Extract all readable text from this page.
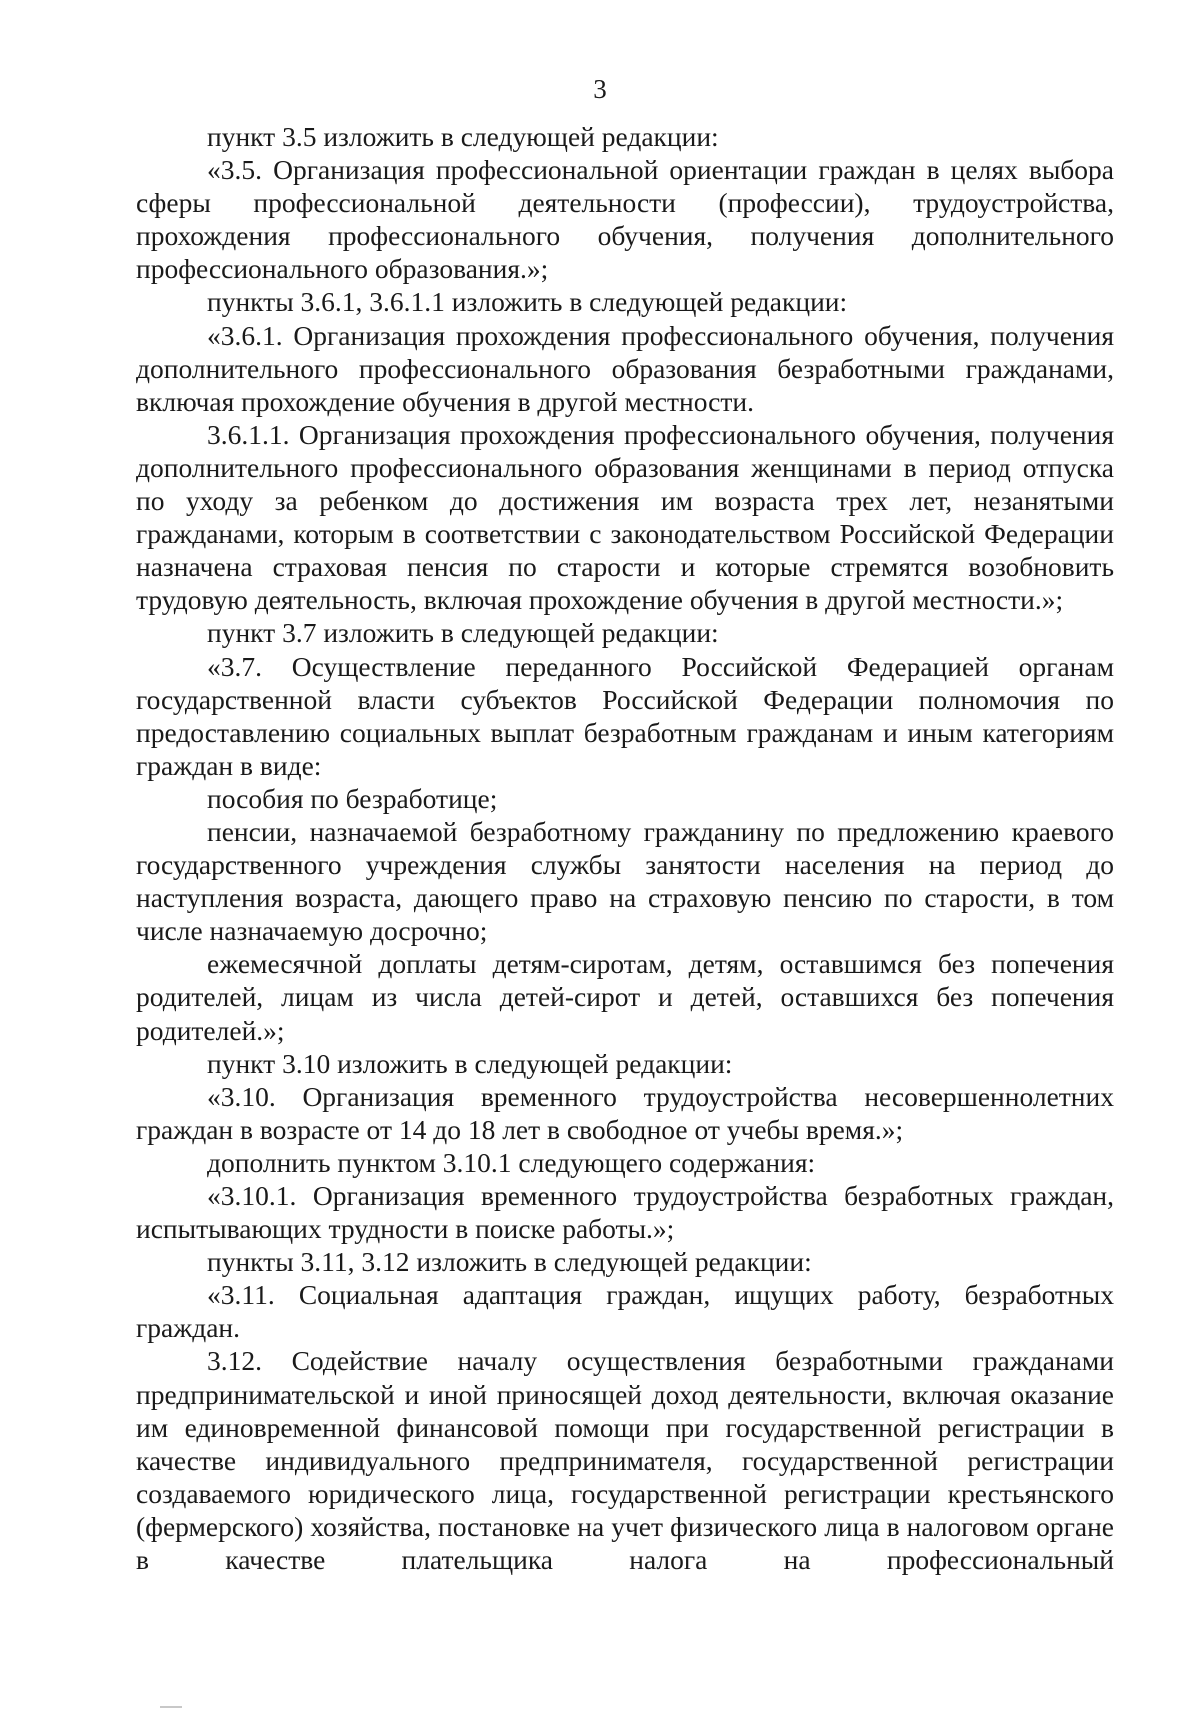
3

пункт 3.5 изложить в следующей редакции:

«3.5. Организация профессиональной ориентации граждан в целях выбора сферы профессиональной деятельности (профессии), трудоустройства, прохождения профессионального обучения, получения дополнительного профессионального образования.»;

пункты 3.6.1, 3.6.1.1 изложить в следующей редакции:

«3.6.1. Организация прохождения профессионального обучения, получения дополнительного профессионального образования безработными гражданами, включая прохождение обучения в другой местности.

3.6.1.1. Организация прохождения профессионального обучения, получения дополнительного профессионального образования женщинами в период отпуска по уходу за ребенком до достижения им возраста трех лет, незанятыми гражданами, которым в соответствии с законодательством Российской Федерации назначена страховая пенсия по старости и которые стремятся возобновить трудовую деятельность, включая прохождение обучения в другой местности.»;

пункт 3.7 изложить в следующей редакции:

«3.7. Осуществление переданного Российской Федерацией органам государственной власти субъектов Российской Федерации полномочия по предоставлению социальных выплат безработным гражданам и иным категориям граждан в виде:

пособия по безработице;

пенсии, назначаемой безработному гражданину по предложению краевого государственного учреждения службы занятости населения на период до наступления возраста, дающего право на страховую пенсию по старости, в том числе назначаемую досрочно;

ежемесячной доплаты детям-сиротам, детям, оставшимся без попечения родителей, лицам из числа детей-сирот и детей, оставшихся без попечения родителей.»;

пункт 3.10 изложить в следующей редакции:

«3.10. Организация временного трудоустройства несовершеннолетних граждан в возрасте от 14 до 18 лет в свободное от учебы время.»;

дополнить пунктом 3.10.1 следующего содержания:

«3.10.1. Организация временного трудоустройства безработных граждан, испытывающих трудности в поиске работы.»;

пункты 3.11, 3.12 изложить в следующей редакции:

«3.11. Социальная адаптация граждан, ищущих работу, безработных граждан.

3.12. Содействие началу осуществления безработными гражданами предпринимательской и иной приносящей доход деятельности, включая оказание им единовременной финансовой помощи при государственной регистрации в качестве индивидуального предпринимателя, государственной регистрации создаваемого юридического лица, государственной регистрации крестьянского (фермерского) хозяйства, постановке на учет физического лица в налоговом органе в качестве плательщика налога на профессиональный
